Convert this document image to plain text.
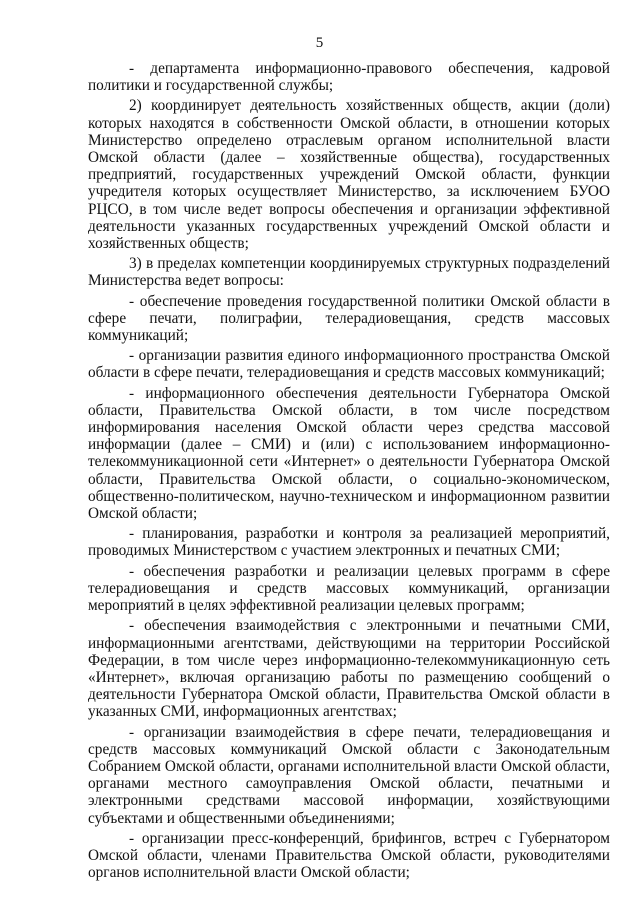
5

- департамента информационно-правового обеспечения, кадровой политики и государственной службы;

2) координирует деятельность хозяйственных обществ, акции (доли) которых находятся в собственности Омской области, в отношении которых Министерство определено отраслевым органом исполнительной власти Омской области (далее – хозяйственные общества), государственных предприятий, государственных учреждений Омской области, функции учредителя которых осуществляет Министерство, за исключением БУОО РЦСО, в том числе ведет вопросы обеспечения и организации эффективной деятельности указанных государственных учреждений Омской области и хозяйственных обществ;

3) в пределах компетенции координируемых структурных подразделений Министерства ведет вопросы:

- обеспечение проведения государственной политики Омской области в сфере печати, полиграфии, телерадиовещания, средств массовых коммуникаций;

- организации развития единого информационного пространства Омской области в сфере печати, телерадиовещания и средств массовых коммуникаций;

- информационного обеспечения деятельности Губернатора Омской области, Правительства Омской области, в том числе посредством информирования населения Омской области через средства массовой информации (далее – СМИ) и (или) с использованием информационно-телекоммуникационной сети «Интернет» о деятельности Губернатора Омской области, Правительства Омской области, о социально-экономическом, общественно-политическом, научно-техническом и информационном развитии Омской области;

- планирования, разработки и контроля за реализацией мероприятий, проводимых Министерством с участием электронных и печатных СМИ;

- обеспечения разработки и реализации целевых программ в сфере телерадиовещания и средств массовых коммуникаций, организации мероприятий в целях эффективной реализации целевых программ;

- обеспечения взаимодействия с электронными и печатными СМИ, информационными агентствами, действующими на территории Российской Федерации, в том числе через информационно-телекоммуникационную сеть «Интернет», включая организацию работы по размещению сообщений о деятельности Губернатора Омской области, Правительства Омской области в указанных СМИ, информационных агентствах;

- организации взаимодействия в сфере печати, телерадиовещания и средств массовых коммуникаций Омской области с Законодательным Собранием Омской области, органами исполнительной власти Омской области, органами местного самоуправления Омской области, печатными и электронными средствами массовой информации, хозяйствующими субъектами и общественными объединениями;

- организации пресс-конференций, брифингов, встреч с Губернатором Омской области, членами Правительства Омской области, руководителями органов исполнительной власти Омской области;
